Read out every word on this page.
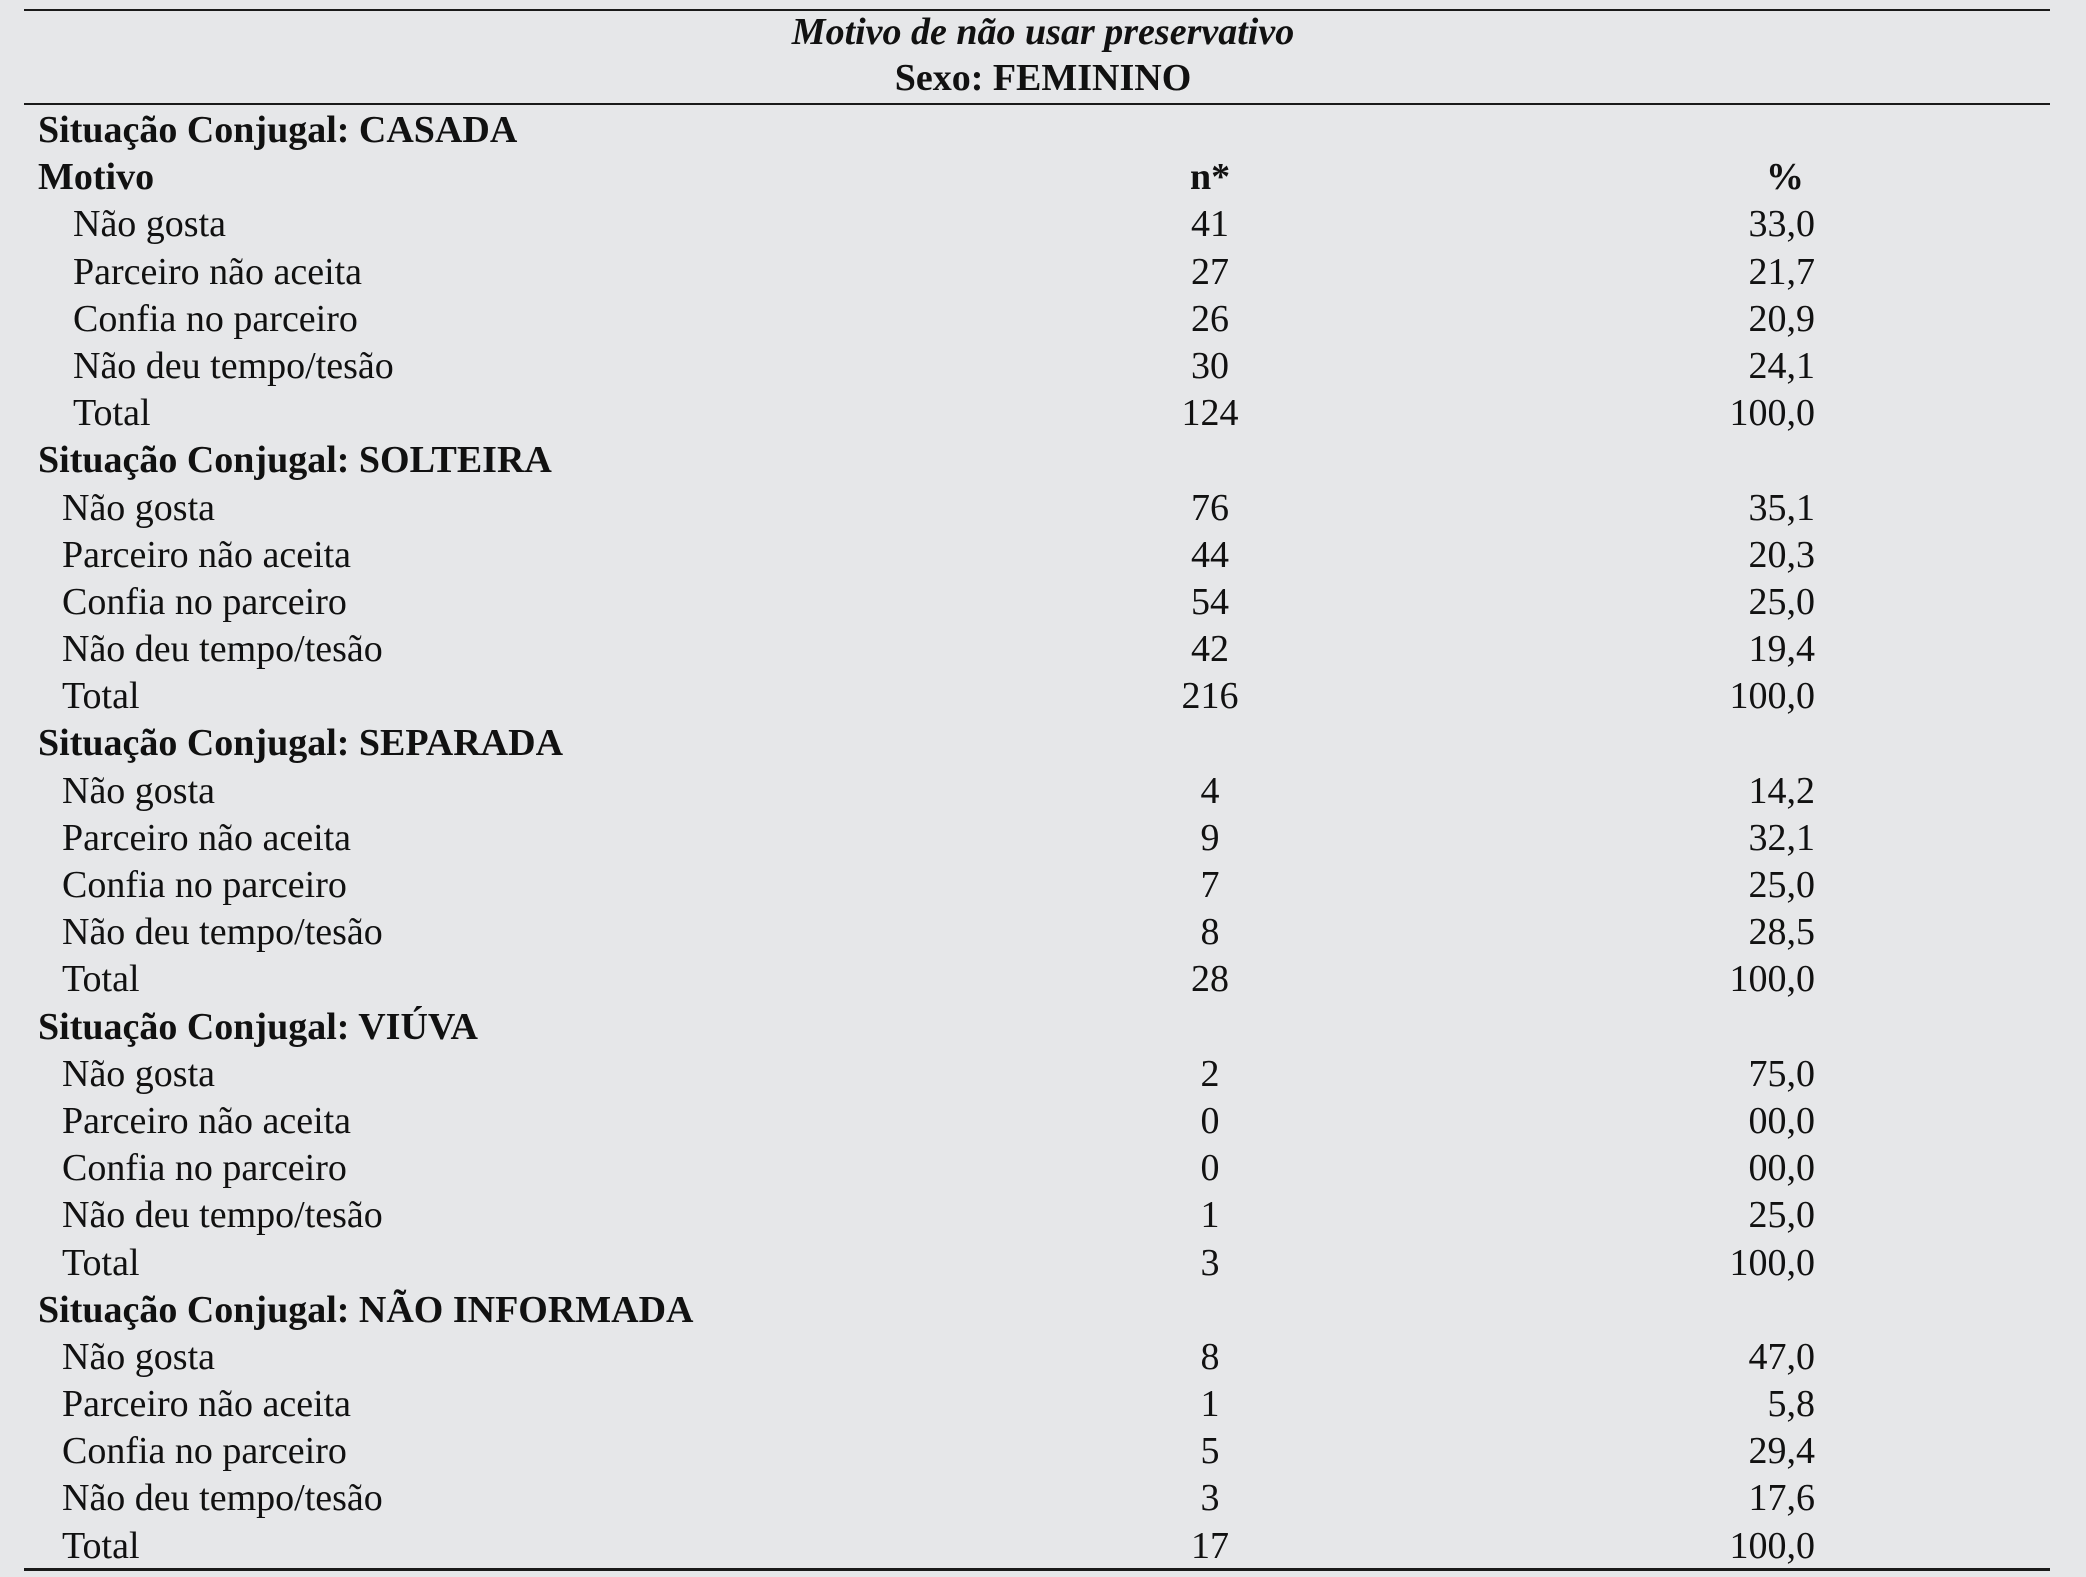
Motivo de não usar preservativo
Sexo: FEMININO
Situação Conjugal: CASADA
Motivo	n*	%
Não gosta	41	33,0
Parceiro não aceita	27	21,7
Confia no parceiro	26	20,9
Não deu tempo/tesão	30	24,1
Total	124	100,0
Situação Conjugal: SOLTEIRA
Não gosta	76	35,1
Parceiro não aceita	44	20,3
Confia no parceiro	54	25,0
Não deu tempo/tesão	42	19,4
Total	216	100,0
Situação Conjugal: SEPARADA
Não gosta	4	14,2
Parceiro não aceita	9	32,1
Confia no parceiro	7	25,0
Não deu tempo/tesão	8	28,5
Total	28	100,0
Situação Conjugal: VIÚVA
Não gosta	2	75,0
Parceiro não aceita	0	00,0
Confia no parceiro	0	00,0
Não deu tempo/tesão	1	25,0
Total	3	100,0
Situação Conjugal: NÃO INFORMADA
Não gosta	8	47,0
Parceiro não aceita	1	5,8
Confia no parceiro	5	29,4
Não deu tempo/tesão	3	17,6
Total	17	100,0
